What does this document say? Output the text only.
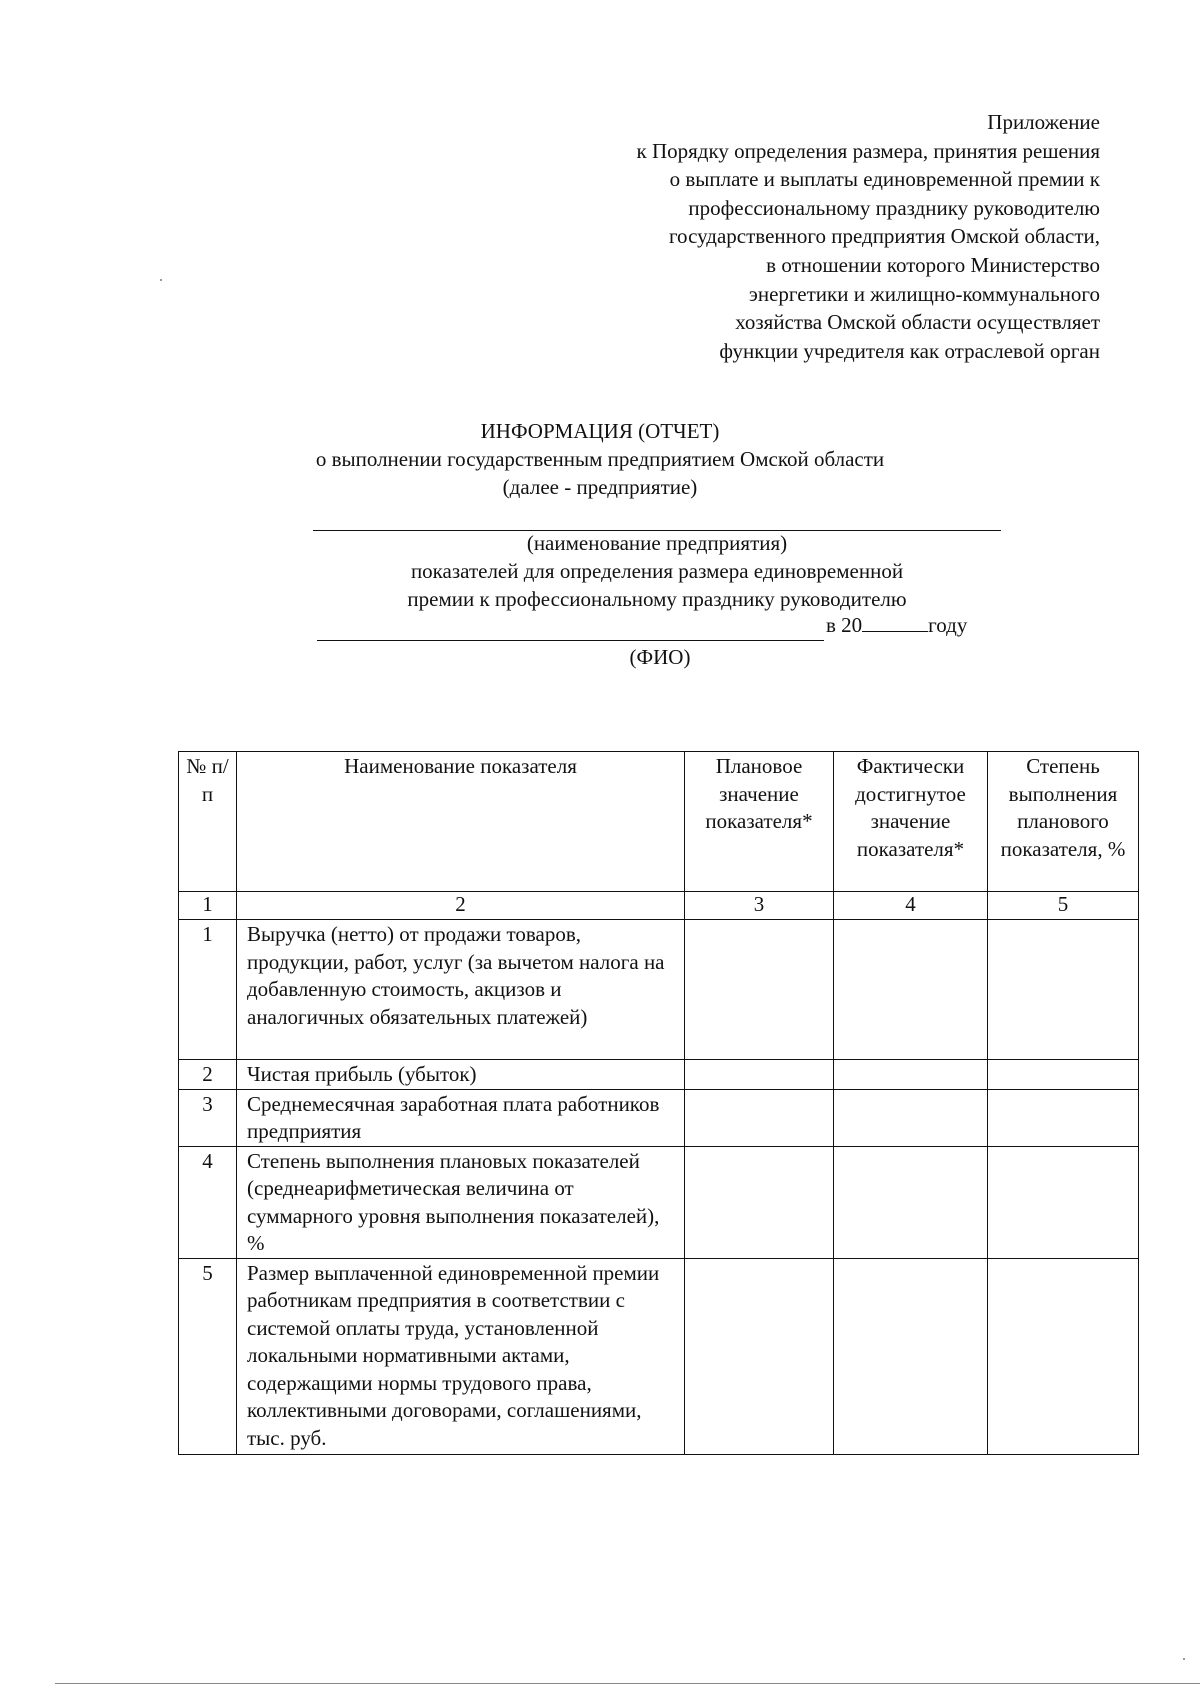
Приложение
к Порядку определения размера, принятия решения
о выплате и выплаты единовременной премии к
профессиональному празднику руководителю
государственного предприятия Омской области,
в отношении которого Министерство
энергетики и жилищно-коммунального
хозяйства Омской области осуществляет
функции учредителя как отраслевой орган
ИНФОРМАЦИЯ (ОТЧЕТ)
о выполнении государственным предприятием Омской области
(далее - предприятие)
(наименование предприятия)
показателей для определения размера единовременной
премии к профессиональному празднику руководителю
в 20	году
(ФИО)
№ п/п	Наименование показателя	Плановое значение показателя*	Фактически достигнутое значение показателя*	Степень выполнения планового показателя, %
1	2	3	4	5
1	Выручка (нетто) от продажи товаров, продукции, работ, услуг (за вычетом налога на добавленную стоимость, акцизов и аналогичных обязательных платежей)			
2	Чистая прибыль (убыток)			
3	Среднемесячная заработная плата работников предприятия			
4	Степень выполнения плановых показателей (среднеарифметическая величина от суммарного уровня выполнения показателей), %			
5	Размер выплаченной единовременной премии работникам предприятия в соответствии с системой оплаты труда, установленной локальными нормативными актами, содержащими нормы трудового права, коллективными договорами, соглашениями, тыс. руб.			
